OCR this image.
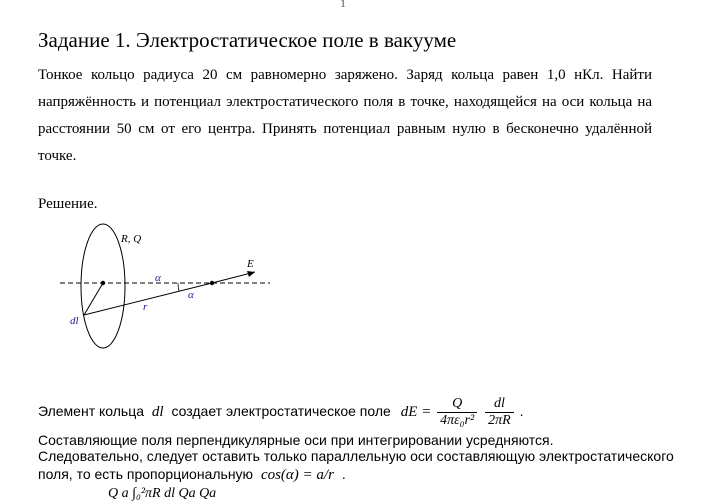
1
Задание 1. Электростатическое поле в вакууме

Тонкое кольцо радиуса 20 см равномерно заряжено. Заряд кольца равен 1,0 нКл. Найти напряжённость и потенциал электростатического поля в точке, находящейся на оси кольца на расстоянии 50 см от его центра. Принять потенциал равным нулю в бесконечно удалённой точке.

Решение.

R, Q
dl
E
r
α
α
Элемент кольца dl создает электростатическое поле dE = $\frac{Q}{\text{4πε₀r²}}$
$\frac{dl}{2\pi R}$ .
Составляющие поля перпендикулярные оси при интегрировании усредняются.
Следовательно, следует оставить только параллельную оси составляющую электростатического
поля, то есть пропорциональную cos(α) = a/r .
Q a ∫₀²πR dl Qa Qa
